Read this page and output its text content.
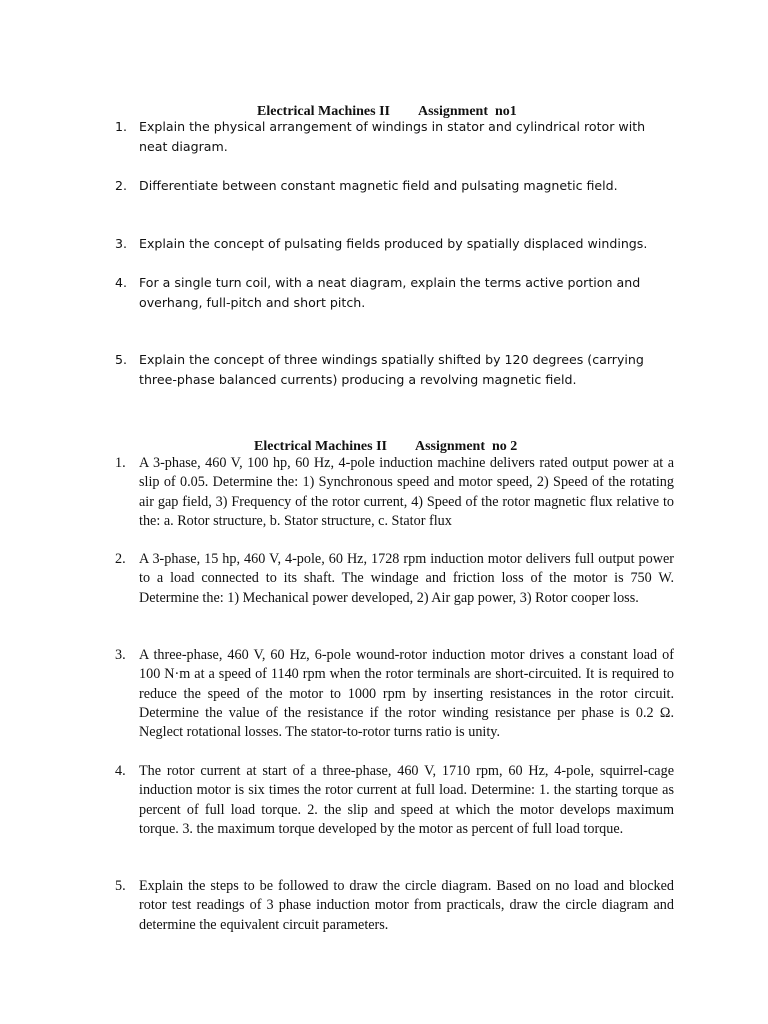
Electrical Machines II Assignment  no1

1. Explain the physical arrangement of windings in stator and cylindrical rotor with neat diagram.
2. Differentiate between constant magnetic field and pulsating magnetic field.
3. Explain the concept of pulsating fields produced by spatially displaced windings.
4. For a single turn coil, with a neat diagram, explain the terms active portion and overhang, full-pitch and short pitch.
5. Explain the concept of three windings spatially shifted by 120 degrees (carrying three-phase balanced currents) producing a revolving magnetic field.

Electrical Machines II Assignment  no 2

1. A 3-phase, 460 V, 100 hp, 60 Hz, 4-pole induction machine delivers rated output power at a slip of 0.05. Determine the: 1) Synchronous speed and motor speed, 2) Speed of the rotating air gap field, 3) Frequency of the rotor current, 4) Speed of the rotor magnetic flux relative to the: a. Rotor structure, b. Stator structure, c. Stator flux
2. A 3-phase, 15 hp, 460 V, 4-pole, 60 Hz, 1728 rpm induction motor delivers full output power to a load connected to its shaft. The windage and friction loss of the motor is 750 W. Determine the: 1) Mechanical power developed, 2) Air gap power, 3) Rotor cooper loss.
3. A three-phase, 460 V, 60 Hz, 6-pole wound-rotor induction motor drives a constant load of 100 N·m at a speed of 1140 rpm when the rotor terminals are short-circuited. It is required to reduce the speed of the motor to 1000 rpm by inserting resistances in the rotor circuit. Determine the value of the resistance if the rotor winding resistance per phase is 0.2 Ω. Neglect rotational losses. The stator-to-rotor turns ratio is unity.
4. The rotor current at start of a three-phase, 460 V, 1710 rpm, 60 Hz, 4-pole, squirrel-cage induction motor is six times the rotor current at full load. Determine: 1. the starting torque as percent of full load torque. 2. the slip and speed at which the motor develops maximum torque. 3. the maximum torque developed by the motor as percent of full load torque.
5. Explain the steps to be followed to draw the circle diagram. Based on no load and blocked rotor test readings of 3 phase induction motor from practicals, draw the circle diagram and determine the equivalent circuit parameters.
